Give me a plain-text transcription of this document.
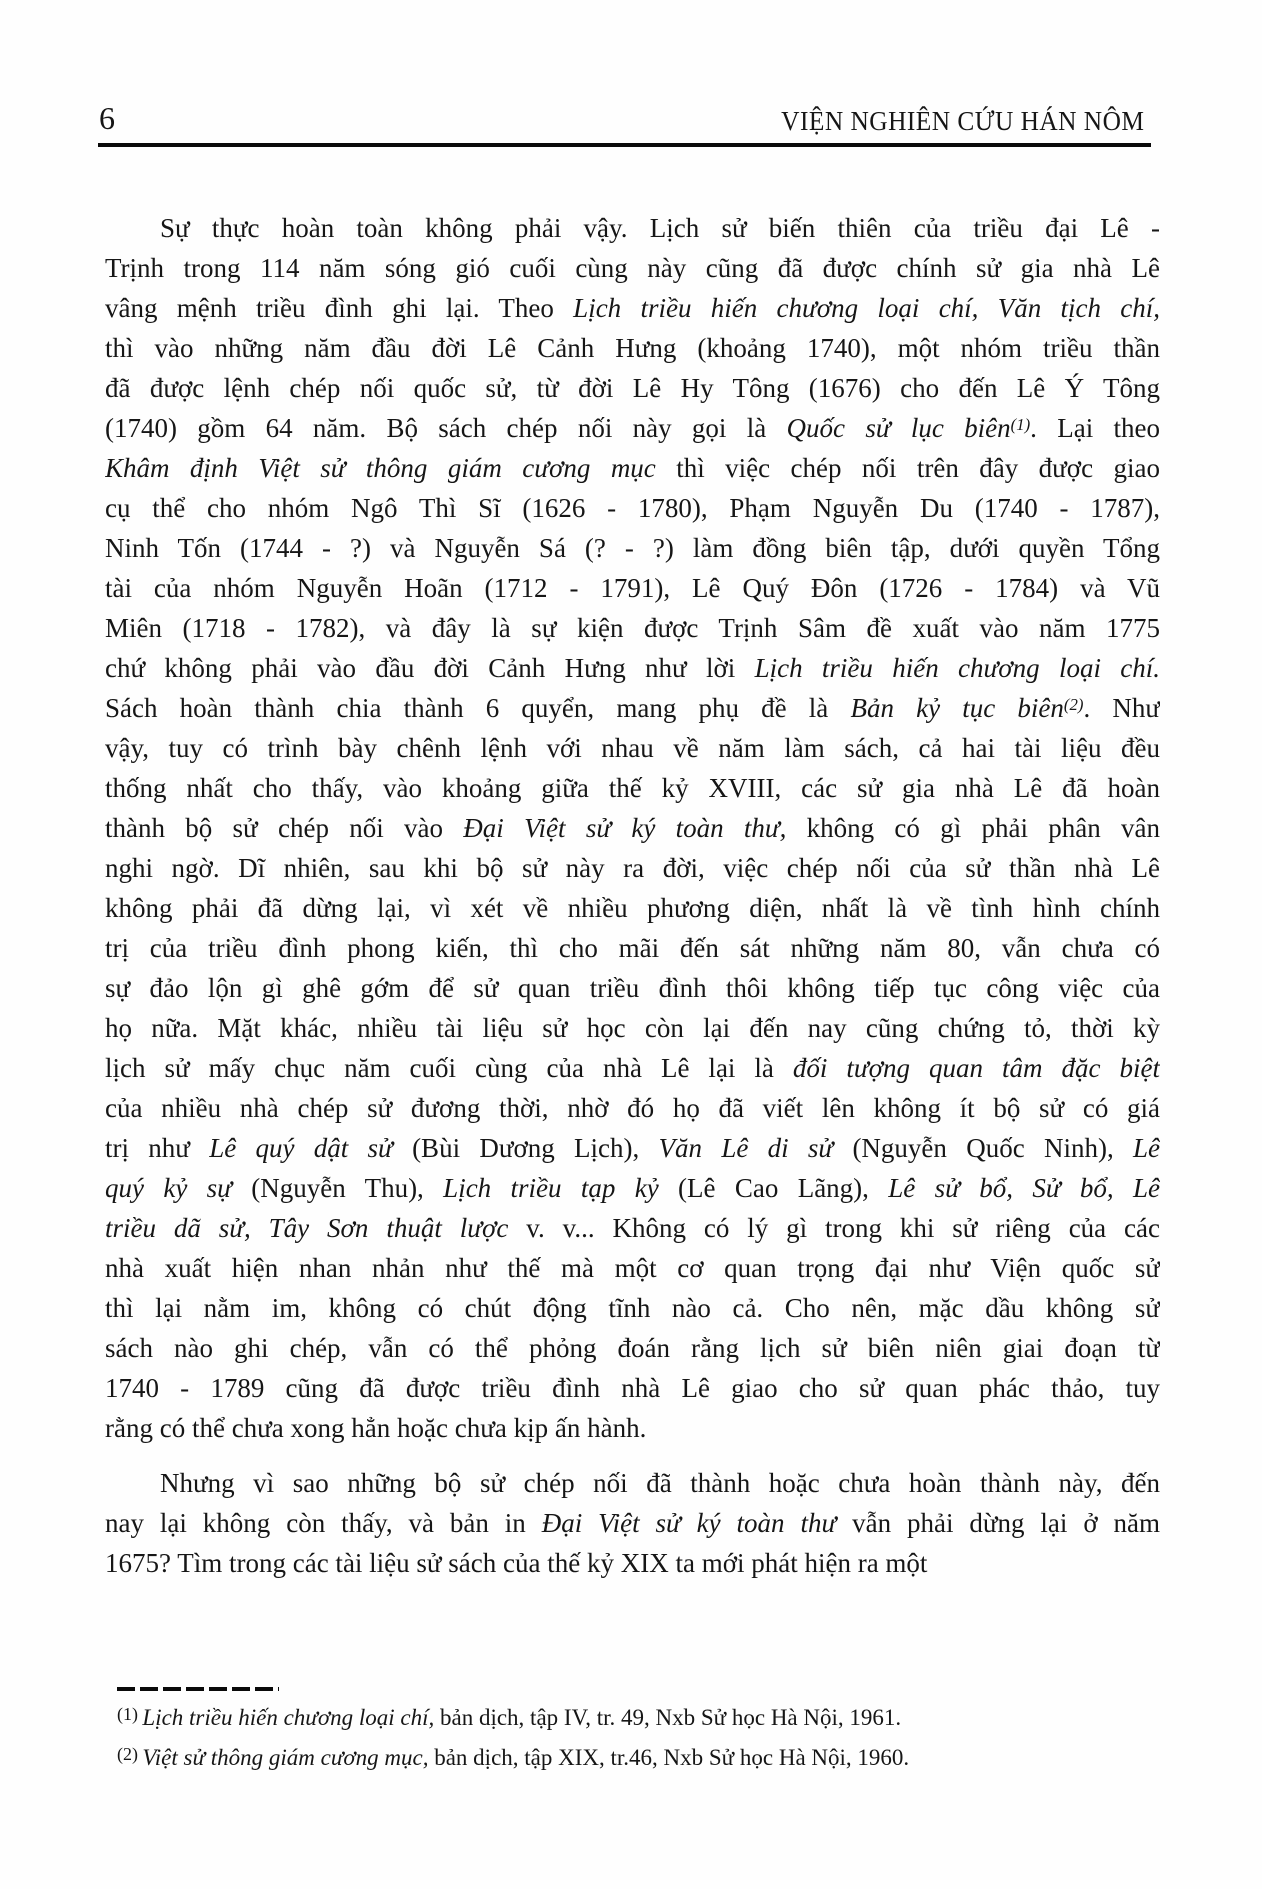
6	VIỆN NGHIÊN CỨU HÁN NÔM
Sự thực hoàn toàn không phải vậy. Lịch sử biến thiên của triều đại Lê -
Trịnh trong 114 năm sóng gió cuối cùng này cũng đã được chính sử gia nhà Lê
vâng mệnh triều đình ghi lại. Theo Lịch triều hiến chương loại chí, Văn tịch chí,
thì vào những năm đầu đời Lê Cảnh Hưng (khoảng 1740), một nhóm triều thần
đã được lệnh chép nối quốc sử, từ đời Lê Hy Tông (1676) cho đến Lê Ý Tông
(1740) gồm 64 năm. Bộ sách chép nối này gọi là Quốc sử lục biên$^{(1)}$. Lại theo
Khâm định Việt sử thông giám cương mục thì việc chép nối trên đây được giao
cụ thể cho nhóm Ngô Thì Sĩ (1626 - 1780), Phạm Nguyễn Du (1740 - 1787),
Ninh Tốn (1744 - ?) và Nguyễn Sá (? - ?) làm đồng biên tập, dưới quyền Tổng
tài của nhóm Nguyễn Hoãn (1712 - 1791), Lê Quý Đôn (1726 - 1784) và Vũ
Miên (1718 - 1782), và đây là sự kiện được Trịnh Sâm đề xuất vào năm 1775
chứ không phải vào đầu đời Cảnh Hưng như lời Lịch triều hiến chương loại chí.
Sách hoàn thành chia thành 6 quyển, mang phụ đề là Bản kỷ tục biên$^{(2)}$. Như
vậy, tuy có trình bày chênh lệnh với nhau về năm làm sách, cả hai tài liệu đều
thống nhất cho thấy, vào khoảng giữa thế kỷ XVIII, các sử gia nhà Lê đã hoàn
thành bộ sử chép nối vào Đại Việt sử ký toàn thư, không có gì phải phân vân
nghi ngờ. Dĩ nhiên, sau khi bộ sử này ra đời, việc chép nối của sử thần nhà Lê
không phải đã dừng lại, vì xét về nhiều phương diện, nhất là về tình hình chính
trị của triều đình phong kiến, thì cho mãi đến sát những năm 80, vẫn chưa có
sự đảo lộn gì ghê gớm để sử quan triều đình thôi không tiếp tục công việc của
họ nữa. Mặt khác, nhiều tài liệu sử học còn lại đến nay cũng chứng tỏ, thời kỳ
lịch sử mấy chục năm cuối cùng của nhà Lê lại là đối tượng quan tâm đặc biệt
của nhiều nhà chép sử đương thời, nhờ đó họ đã viết lên không ít bộ sử có giá
trị như Lê quý dật sử (Bùi Dương Lịch), Văn Lê di sử (Nguyễn Quốc Ninh), Lê
quý kỷ sự (Nguyễn Thu), Lịch triều tạp kỷ (Lê Cao Lãng), Lê sử bổ, Sử bổ, Lê
triều dã sử, Tây Sơn thuật lược v. v... Không có lý gì trong khi sử riêng của các
nhà xuất hiện nhan nhản như thế mà một cơ quan trọng đại như Viện quốc sử
thì lại nằm im, không có chút động tĩnh nào cả. Cho nên, mặc dầu không sử
sách nào ghi chép, vẫn có thể phỏng đoán rằng lịch sử biên niên giai đoạn từ
1740 - 1789 cũng đã được triều đình nhà Lê giao cho sử quan phác thảo, tuy
rằng có thể chưa xong hẳn hoặc chưa kịp ấn hành.
Nhưng vì sao những bộ sử chép nối đã thành hoặc chưa hoàn thành này, đến
nay lại không còn thấy, và bản in Đại Việt sử ký toàn thư vẫn phải dừng lại ở năm
1675? Tìm trong các tài liệu sử sách của thế kỷ XIX ta mới phát hiện ra một
$^{(1)}$ Lịch triều hiến chương loại chí, bản dịch, tập IV, tr. 49, Nxb Sử học Hà Nội, 1961.
$^{(2)}$ Việt sử thông giám cương mục, bản dịch, tập XIX, tr.46, Nxb Sử học Hà Nội, 1960.
